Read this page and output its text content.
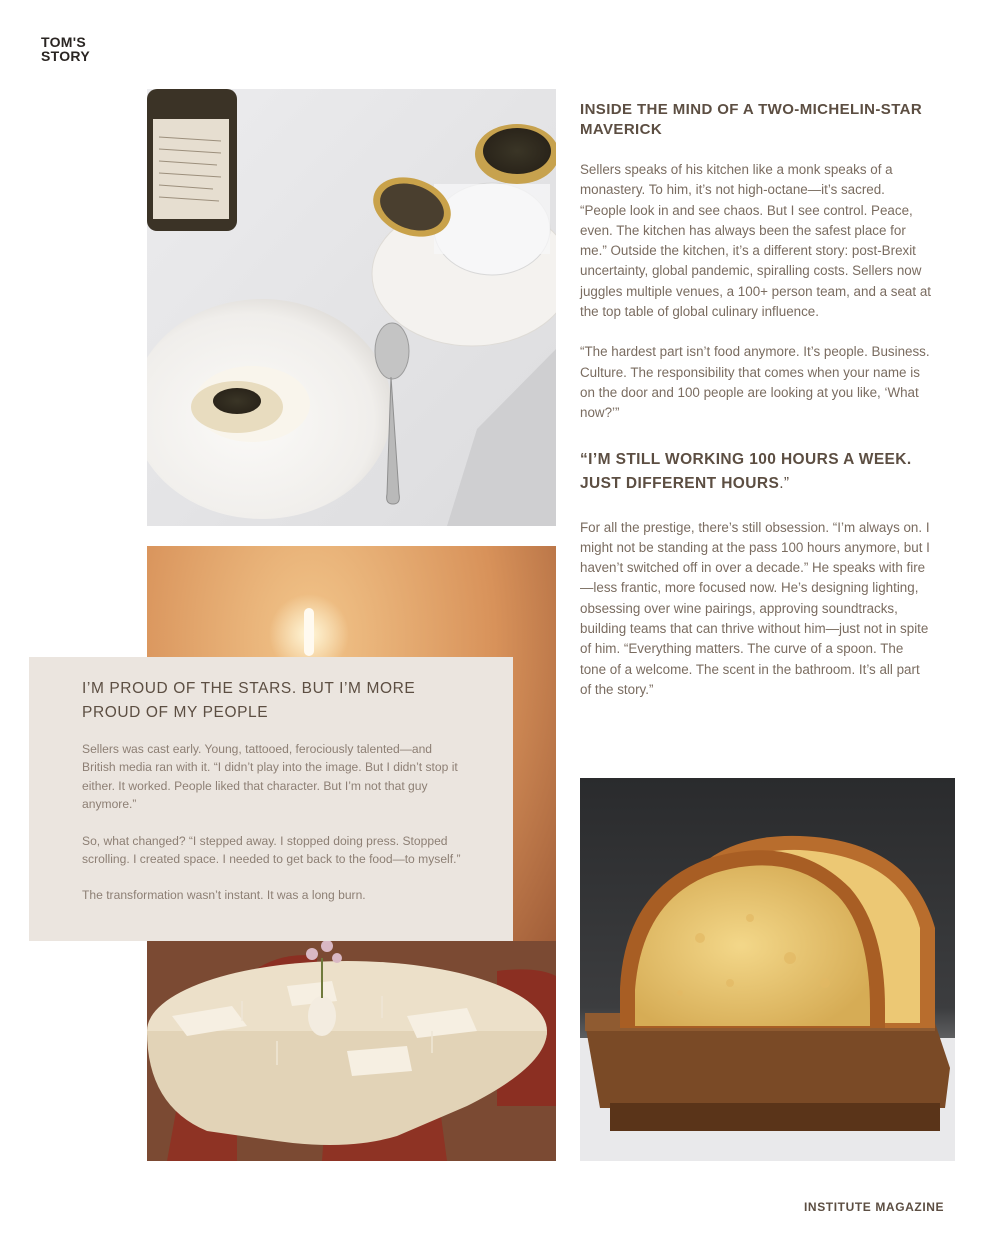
TOM'S
STORY
INSIDE THE MIND OF A TWO-MICHELIN-STAR MAVERICK

Sellers speaks of his kitchen like a monk speaks of a monastery. To him, it’s not high-octane—it’s sacred. “People look in and see chaos. But I see control. Peace, even. The kitchen has always been the safest place for me.” Outside the kitchen, it’s a different story: post-Brexit uncertainty, global pandemic, spiralling costs. Sellers now juggles multiple venues, a 100+ person team, and a seat at the top table of global culinary influence.

“The hardest part isn’t food anymore. It’s people. Business. Culture. The responsibility that comes when your name is on the door and 100 people are looking at you like, ‘What now?’”

“I’M STILL WORKING 100 HOURS A WEEK. JUST DIFFERENT HOURS.”

For all the prestige, there’s still obsession. “I’m always on. I might not be standing at the pass 100 hours anymore, but I haven’t switched off in over a decade.” He speaks with fire—less frantic, more focused now. He’s designing lighting, obsessing over wine pairings, approving soundtracks, building teams that can thrive without him—just not in spite of him. “Everything matters. The curve of a spoon. The tone of a welcome. The scent in the bathroom. It’s all part of the story.”

I’M PROUD OF THE STARS. BUT I’M MORE PROUD OF MY PEOPLE

Sellers was cast early. Young, tattooed, ferociously talented—and British media ran with it. “I didn’t play into the image. But I didn’t stop it either. It worked. People liked that character. But I’m not that guy anymore.”

So, what changed? “I stepped away. I stopped doing press. Stopped scrolling. I created space. I needed to get back to the food—to myself.”

The transformation wasn’t instant. It was a long burn.

INSTITUTE MAGAZINE
